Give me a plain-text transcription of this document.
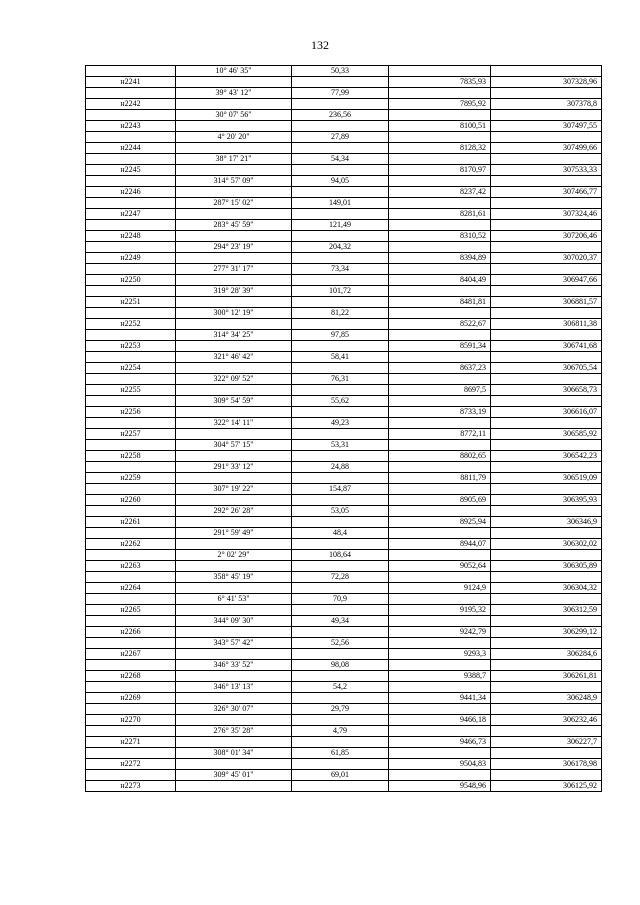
132
	10° 46' 35"	50,33		
н2241			7835,93	307328,96
	39° 43' 12"	77,99		
н2242			7895,92	307378,8
	30° 07' 56"	236,56		
н2243			8100,51	307497,55
	4° 20' 20"	27,89		
н2244			8128,32	307499,66
	38° 17' 21"	54,34		
н2245			8170,97	307533,33
	314° 57' 09"	94,05		
н2246			8237,42	307466,77
	287° 15' 02"	149,01		
н2247			8281,61	307324,46
	283° 45' 59"	121,49		
н2248			8310,52	307206,46
	294° 23' 19"	204,32		
н2249			8394,89	307020,37
	277° 31' 17"	73,34		
н2250			8404,49	306947,66
	319° 28' 39"	101,72		
н2251			8481,81	306881,57
	300° 12' 19"	81,22		
н2252			8522,67	306811,38
	314° 34' 25"	97,85		
н2253			8591,34	306741,68
	321° 46' 42"	58,41		
н2254			8637,23	306705,54
	322° 09' 52"	76,31		
н2255			8697,5	306658,73
	309° 54' 59"	55,62		
н2256			8733,19	306616,07
	322° 14' 11"	49,23		
н2257			8772,11	306585,92
	304° 57' 15"	53,31		
н2258			8802,65	306542,23
	291° 33' 12"	24,88		
н2259			8811,79	306519,09
	307° 19' 22"	154,87		
н2260			8905,69	306395,93
	292° 26' 28"	53,05		
н2261			8925,94	306346,9
	291° 59' 49"	48,4		
н2262			8944,07	306302,02
	2° 02' 29"	108,64		
н2263			9052,64	306305,89
	358° 45' 19"	72,28		
н2264			9124,9	306304,32
	6° 41' 53"	70,9		
н2265			9195,32	306312,59
	344° 09' 30"	49,34		
н2266			9242,79	306299,12
	343° 57' 42"	52,56		
н2267			9293,3	306284,6
	346° 33' 52"	98,08		
н2268			9388,7	306261,81
	346° 13' 13"	54,2		
н2269			9441,34	306248,9
	326° 30' 07"	29,79		
н2270			9466,18	306232,46
	276° 35' 28"	4,79		
н2271			9466,73	306227,7
	308° 01' 34"	61,85		
н2272			9504,83	306178,98
	309° 45' 01"	69,01		
н2273			9548,96	306125,92
